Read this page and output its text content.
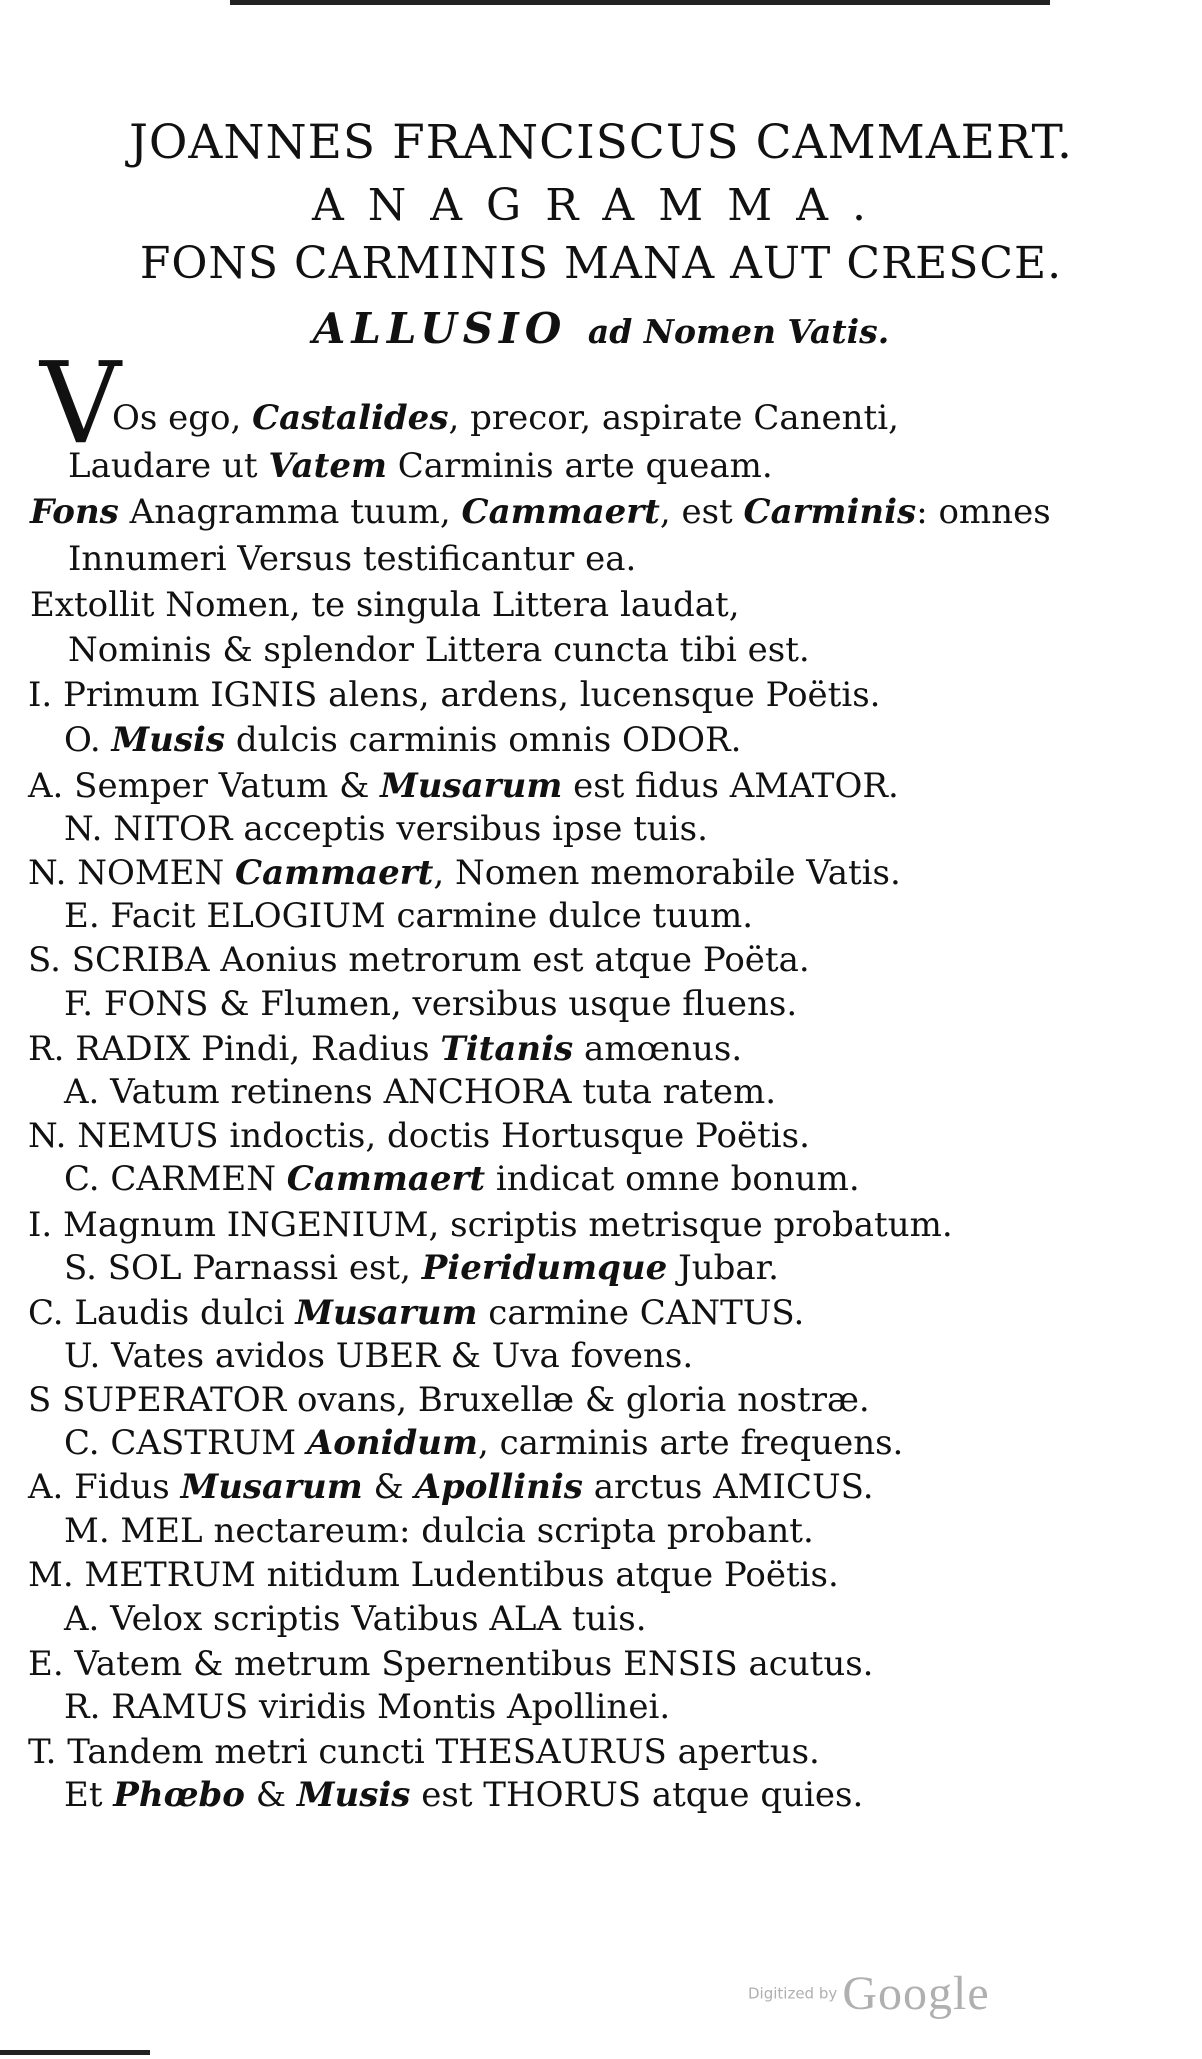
JOANNES FRANCISCUS CAMMAERT.
ANAGRAMMA.
FONS CARMINIS MANA AUT CRESCE.
ALLUSIO ad Nomen Vatis.
V
Os ego, Castalides, precor, aspirate Canenti,
Laudare ut Vatem Carminis arte queam.
Fons Anagramma tuum, Cammaert, est Carminis: omnes
Innumeri Versus testificantur ea.
Extollit Nomen, te singula Littera laudat,
Nominis & splendor Littera cuncta tibi est.
I. Primum IGNIS alens, ardens, lucensque Poëtis.
O. Musis dulcis carminis omnis ODOR.
A. Semper Vatum & Musarum est fidus AMATOR.
N. NITOR acceptis versibus ipse tuis.
N. NOMEN Cammaert, Nomen memorabile Vatis.
E. Facit ELOGIUM carmine dulce tuum.
S. SCRIBA Aonius metrorum est atque Poëta.
F. FONS & Flumen, versibus usque fluens.
R. RADIX Pindi, Radius Titanis amœnus.
A. Vatum retinens ANCHORA tuta ratem.
N. NEMUS indoctis, doctis Hortusque Poëtis.
C. CARMEN Cammaert indicat omne bonum.
I. Magnum INGENIUM, scriptis metrisque probatum.
S. SOL Parnassi est, Pieridumque Jubar.
C. Laudis dulci Musarum carmine CANTUS.
U. Vates avidos UBER & Uva fovens.
S SUPERATOR ovans, Bruxellæ & gloria nostræ.
C. CASTRUM Aonidum, carminis arte frequens.
A. Fidus Musarum & Apollinis arctus AMICUS.
M. MEL nectareum: dulcia scripta probant.
M. METRUM nitidum Ludentibus atque Poëtis.
A. Velox scriptis Vatibus ALA tuis.
E. Vatem & metrum Spernentibus ENSIS acutus.
R. RAMUS viridis Montis Apollinei.
T. Tandem metri cuncti THESAURUS apertus.
Et Phœbo & Musis est THORUS atque quies.
Digitized by Google
